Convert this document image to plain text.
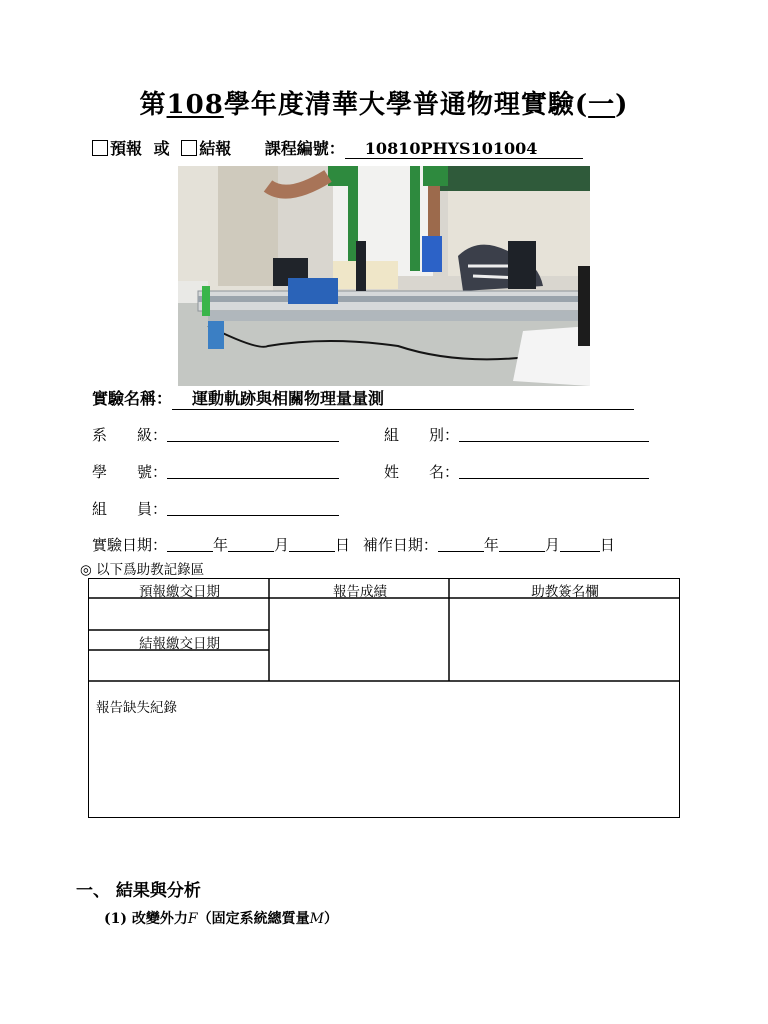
第108學年度清華大學普通物理實驗(一)
預報 或 結報 課程編號： 10810PHYS101004
實驗名稱： 運動軌跡與相關物理量量測
系　　級：	組　　別：
學　　號：	姓　　名：
組　　員：
實驗日期：	年	月	日 補作日期：	年	月	日
◎ 以下爲助教記錄區
預報繳交日期	報告成績	助教簽名欄
結報繳交日期
報告缺失紀錄
一、 結果與分析
(1) 改變外力F（固定系統總質量M）
